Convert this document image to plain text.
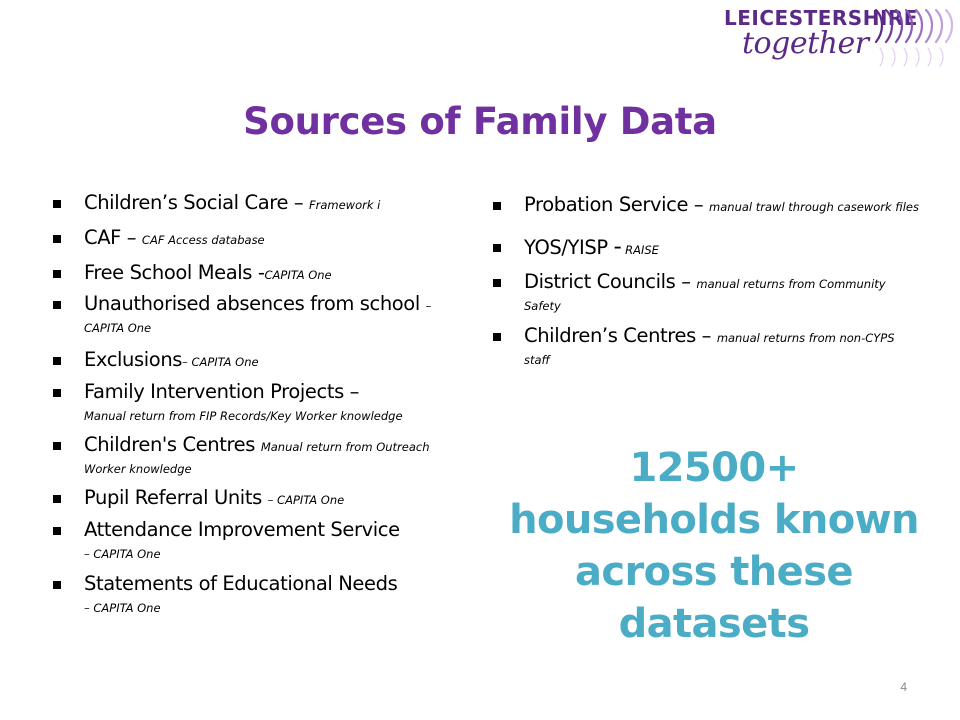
LEICESTERSHIRE
together
Sources of Family Data
Children’s Social Care – Framework i
CAF – CAF Access database
Free School Meals -CAPITA One
Unauthorised absences from school – CAPITA One
Exclusions– CAPITA One
Family Intervention Projects –
Manual return from FIP Records/Key Worker knowledge
Children's Centres Manual return from Outreach Worker knowledge
Pupil Referral Units – CAPITA One
Attendance Improvement Service
– CAPITA One
Statements of Educational Needs
– CAPITA One
Probation Service – manual trawl through casework files
YOS/YISP - RAISE
District Councils – manual returns from Community Safety
Children’s Centres – manual returns from non-CYPS staff
12500+
households known
across these
datasets
4
